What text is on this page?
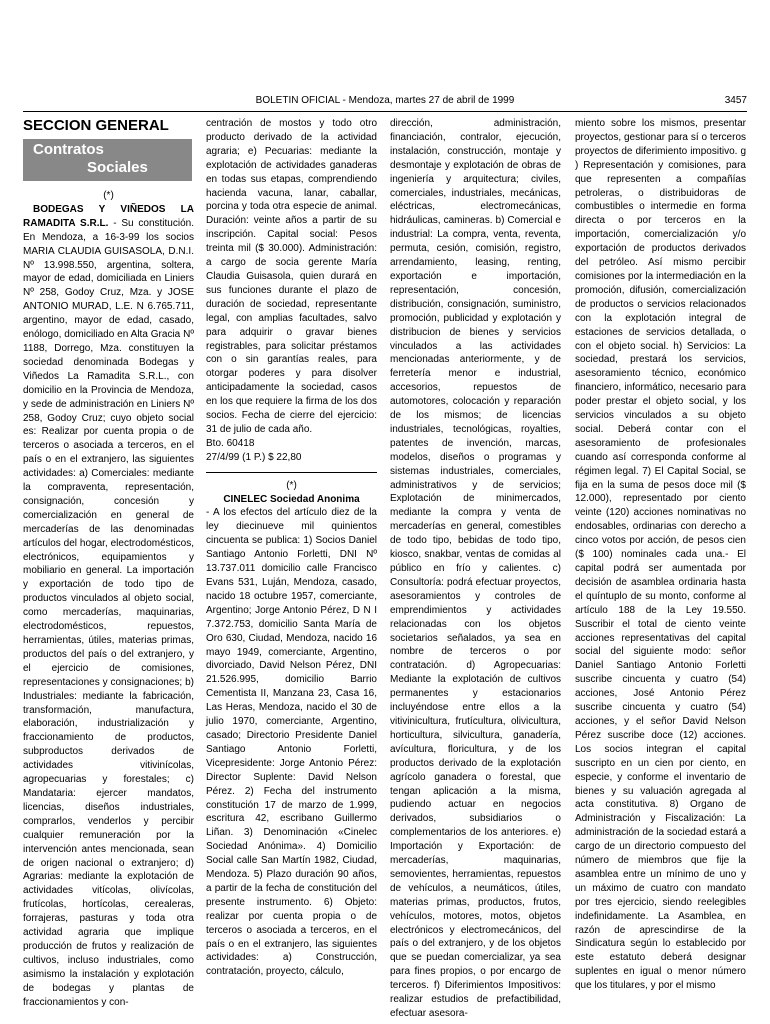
BOLETIN OFICIAL - Mendoza, martes 27 de abril de 1999	3457
SECCION GENERAL
Contratos
Sociales

(*)

BODEGAS Y VIÑEDOS LA RAMADITA S.R.L. - Su constitución. En Mendoza, a 16-3-99 los socios MARIA CLAUDIA GUISASOLA, D.N.I. Nº 13.998.550, argentina, soltera, mayor de edad, domiciliada en Liniers Nº 258, Godoy Cruz, Mza. y JOSE ANTONIO MURAD, L.E. N 6.765.711, argentino, mayor de edad, casado, enólogo, domiciliado en Alta Gracia Nº 1188, Dorrego, Mza. constituyen la sociedad denominada Bodegas y Viñedos La Ramadita S.R.L., con domicilio en la Provincia de Mendoza, y sede de administración en Liniers Nº 258, Godoy Cruz; cuyo objeto social es: Realizar por cuenta propia o de terceros o asociada a terceros, en el país o en el extranjero, las siguientes actividades: a) Comerciales: mediante la compraventa, representación, consignación, concesión y comercialización en general de mercaderías de las denominadas artículos del hogar, electrodomésticos, electrónicos, equipamientos y mobiliario en general. La importación y exportación de todo tipo de productos vinculados al objeto social, como mercaderías, maquinarias, electrodomésticos, repuestos, herramientas, útiles, materias primas, productos del país o del extranjero, y el ejercicio de comisiones, representaciones y consignaciones; b) Industriales: mediante la fabricación, transformación, manufactura, elaboración, industrialización y fraccionamiento de productos, subproductos derivados de actividades vitivinícolas, agropecuarias y forestales; c) Mandataria: ejercer mandatos, licencias, diseños industriales, comprarlos, venderlos y percibir cualquier remuneración por la intervención antes mencionada, sean de origen nacional o extranjero; d) Agrarias: mediante la explotación de actividades vitícolas, olivícolas, frutícolas, hortícolas, cerealeras, forrajeras, pasturas y toda otra actividad agraria que implique producción de frutos y realización de cultivos, incluso industriales, como asimismo la instalación y explotación de bodegas y plantas de fraccionamientos y con-

centración de mostos y todo otro producto derivado de la actividad agraria; e) Pecuarias: mediante la explotación de actividades ganaderas en todas sus etapas, comprendiendo hacienda vacuna, lanar, caballar, porcina y toda otra especie de animal. Duración: veinte años a partir de su inscripción. Capital social: Pesos treinta mil ($ 30.000). Administración: a cargo de socia gerente María Claudia Guisasola, quien durará en sus funciones durante el plazo de duración de sociedad, representante legal, con amplias facultades, salvo para adquirir o gravar bienes registrables, para solicitar préstamos con o sin garantías reales, para otorgar poderes y para disolver anticipadamente la sociedad, casos en los que requiere la firma de los dos socios. Fecha de cierre del ejercicio: 31 de julio de cada año.

Bto. 60418

27/4/99 (1 P.) $ 22,80

(*)

CINELEC Sociedad Anonima

- A los efectos del artículo diez de la ley diecinueve mil quinientos cincuenta se publica: 1) Socios Daniel Santiago Antonio Forletti, DNI Nº 13.737.011 domicilio calle Francisco Evans 531, Luján, Mendoza, casado, nacido 18 octubre 1957, comerciante, Argentino; Jorge Antonio Pérez, D N I 7.372.753, domicilio Santa María de Oro 630, Ciudad, Mendoza, nacido 16 mayo 1949, comerciante, Argentino, divorciado, David Nelson Pérez, DNI 21.526.995, domicilio Barrio Cementista II, Manzana 23, Casa 16, Las Heras, Mendoza, nacido el 30 de julio 1970, comerciante, Argentino, casado; Directorio Presidente Daniel Santiago Antonio Forletti, Vicepresidente: Jorge Antonio Pérez: Director Suplente: David Nelson Pérez. 2) Fecha del instrumento constitución 17 de marzo de 1.999, escritura 42, escribano Guillermo Liñan. 3) Denominación «Cinelec Sociedad Anónima». 4) Domicilio Social calle San Martín 1982, Ciudad, Mendoza. 5) Plazo duración 90 años, a partir de la fecha de constitución del presente instrumento. 6) Objeto: realizar por cuenta propia o de terceros o asociada a terceros, en el país o en el extranjero, las siguientes actividades: a) Construcción, contratación, proyecto, cálculo,

dirección, administración, financiación, contralor, ejecución, instalación, construcción, montaje y desmontaje y explotación de obras de ingeniería y arquitectura; civiles, comerciales, industriales, mecánicas, eléctricas, electromecánicas, hidráulicas, camineras. b) Comercial e industrial: La compra, venta, reventa, permuta, cesión, comisión, registro, arrendamiento, leasing, renting, exportación e importación, representación, concesión, distribución, consignación, suministro, promoción, publicidad y explotación y distribucion de bienes y servicios vinculados a las actividades mencionadas anteriormente, y de ferretería menor e industrial, accesorios, repuestos de automotores, colocación y reparación de los mismos; de licencias industriales, tecnológicas, royalties, patentes de invención, marcas, modelos, diseños o programas y sistemas industriales, comerciales, administrativos y de servicios; Explotación de minimercados, mediante la compra y venta de mercaderías en general, comestibles de todo tipo, bebidas de todo tipo, kiosco, snakbar, ventas de comidas al público en frío y calientes. c) Consultoría: podrá efectuar proyectos, asesoramientos y controles de emprendimientos y actividades relacionadas con los objetos societarios señalados, ya sea en nombre de terceros o por contratación. d) Agropecuarias: Mediante la explotación de cultivos permanentes y estacionarios incluyéndose entre ellos a la vitivinicultura, frutícultura, olivicultura, horticultura, silvicultura, ganadería, avícultura, floricultura, y de los productos derivado de la explotación agrícolo ganadera o forestal, que tengan aplicación a la misma, pudiendo actuar en negocios derivados, subsidiarios o complementarios de los anteriores. e) Importación y Exportación: de mercaderías, maquinarias, semovientes, herramientas, repuestos de vehículos, a neumáticos, útiles, materias primas, productos, frutos, vehículos, motores, motos, objetos electrónicos y electromecánicos, del país o del extranjero, y de los objetos que se puedan comercializar, ya sea para fines propios, o por encargo de terceros. f) Diferimientos Impositivos: realizar estudios de prefactibilidad, efectuar asesora-

miento sobre los mismos, presentar proyectos, gestionar para sí o terceros proyectos de diferimiento impositivo. g ) Representación y comisiones, para que representen a compañías petroleras, o distribuidoras de combustibles o intermedie en forma directa o por terceros en la importación, comercialización y/o exportación de productos derivados del petróleo. Así mismo percibir comisiones por la intermediación en la promoción, difusión, comercialización de productos o servicios relacionados con la explotación integral de estaciones de servicios detallada, o con el objeto social. h) Servicios: La sociedad, prestará los servicios, asesoramiento técnico, económico financiero, informático, necesario para poder prestar el objeto social, y los servicios vinculados a su objeto social. Deberá contar con el asesoramiento de profesionales cuando así corresponda conforme al régimen legal. 7) El Capital Social, se fija en la suma de pesos doce mil ($ 12.000), representado por ciento veinte (120) acciones nominativas no endosables, ordinarias con derecho a cinco votos por acción, de pesos cien ($ 100) nominales cada una.- El capital podrá ser aumentada por decisión de asamblea ordinaria hasta el quíntuplo de su monto, conforme al artículo 188 de la Ley 19.550. Suscribir el total de ciento veinte acciones representativas del capital social del siguiente modo: señor Daniel Santiago Antonio Forletti suscribe cincuenta y cuatro (54) acciones, José Antonio Pérez suscribe cincuenta y cuatro (54) acciones, y el señor David Nelson Pérez suscribe doce (12) acciones. Los socios integran el capital suscripto en un cien por ciento, en especie, y conforme el inventario de bienes y su valuación agregada al acta constitutiva. 8) Organo de Administración y Fiscalización: La administración de la sociedad estará a cargo de un directorio compuesto del número de miembros que fije la asamblea entre un mínimo de uno y un máximo de cuatro con mandato por tres ejercicio, siendo reelegibles indefinidamente. La Asamblea, en razón de aprescindirse de la Sindicatura según lo establecido por este estatuto deberá designar suplentes en igual o menor número que los titulares, y por el mismo
